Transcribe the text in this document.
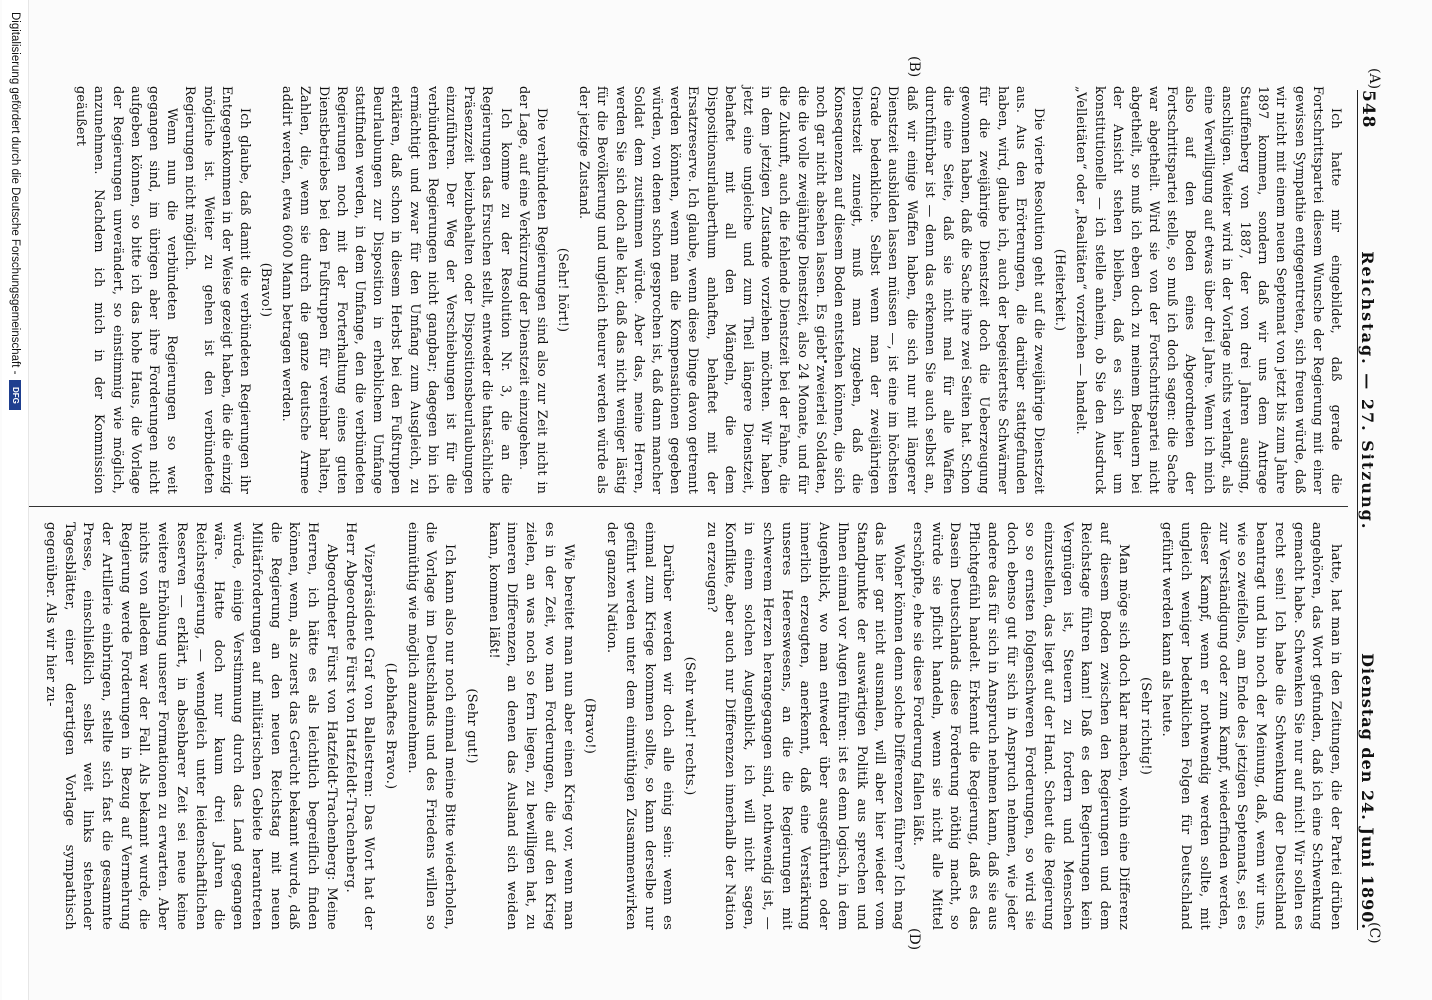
548
Reichstag. — 27. Sitzung.
Dienstag den 24. Juni 1890.
(A)
(C)
(B)
(D)

Ich hatte mir eingebildet, daß gerade die Fortschrittspartei diesem Wunsche der Regierung mit einer gewissen Sympathie entgegentreten, sich freuen würde, daß wir nicht mit einem neuen Septennat von jetzt bis zum Jahre 1897 kommen, sondern daß wir uns dem Antrage Stauffenberg von 1887, der von drei Jahren ausging, anschlügen. Weiter wird in der Vorlage nichts verlangt, als eine Verwilligung auf etwas über drei Jahre. Wenn ich mich also auf den Boden eines Abgeordneten der Fortschrittspartei stelle, so muß ich doch sagen: die Sache war abgetheilt. Wird sie von der Fortschrittspartei nicht abgetheilt, so muß ich eben doch zu meinem Bedauern bei der Ansicht stehen bleiben, daß es sich hier um konstitutionelle — ich stelle anheim, ob Sie den Ausdruck „Velleitäten“ oder „Realitäten“ vorziehen — handelt.

(Heiterkeit.)

Die vierte Resolution geht auf die zweijährige Dienstzeit aus. Aus den Erörterungen, die darüber stattgefunden haben, wird, glaube ich, auch der begeistertste Schwärmer für die zweijährige Dienstzeit doch die Ueberzeugung gewonnen haben, daß die Sache ihre zwei Seiten hat. Schon die eine Seite, daß sie nicht mal für alle Waffen durchführbar ist — denn das erkennen Sie auch selbst an, daß wir einige Waffen haben, die sich nur mit längerer Dienstzeit ausbilden lassen müssen —, ist eine im höchsten Grade bedenkliche. Selbst wenn man der zweijährigen Dienstzeit zuneigt, muß man zugeben, daß die Konsequenzen auf diesem Boden entstehen können, die sich noch gar nicht absehen lassen. Es giebt zweierlei Soldaten, die die volle zweijährige Dienstzeit, also 24 Monate, und für die Zukunft, auch die fehlende Dienstzeit bei der Fahne, die in dem jetzigen Zustande vorziehen möchten. Wir haben jetzt eine ungleiche und zum Theil längere Dienstzeit, behaftet mit all den Mängeln, die dem Dispositionsurlauberthum anhaften, behaftet mit der Ersatzreserve. Ich glaube, wenn diese Dinge davon getrennt werden könnten, wenn man die Kompensationen gegeben würden, von denen schon gesprochen ist, daß dann mancher Soldat dem zustimmen würde. Aber das, meine Herren, werden Sie sich doch alle klar, daß das nicht weniger lästig für die Bevölkerung und ungleich theurer werden würde als der jetzige Zustand.

(Sehr! hört!)

Die verbündeten Regierungen sind also zur Zeit nicht in der Lage, auf eine Verkürzung der Dienstzeit einzugehen.

Ich komme zu der Resolution Nr. 3, die an die Regierungen das Ersuchen stellt, entweder die thatsächliche Präsenzzeit beizubehalten oder Dispositionsbeurlaubungen einzuführen. Der Weg der Verschiebungen ist für die verbündeten Regierungen nicht gangbar; dagegen bin ich ermächtigt und zwar für den Umfang zum Ausgleich, zu erklären, daß schon in diesem Herbst bei den Fußtruppen Beurlaubungen zur Disposition in erheblichem Umfange stattfinden werden, in dem Umfange, den die verbündeten Regierungen noch mit der Forterhaltung eines guten Dienstbetriebes bei den Fußtruppen für vereinbar halten, Zahlen, die, wenn sie durch die ganze deutsche Armee addirt werden, etwa 6000 Mann betragen werden.

(Bravo!)

Ich glaube, daß damit die verbündeten Regierungen ihr Entgegenkommen in der Weise gezeigt haben, die die einzig mögliche ist. Weiter zu gehen ist den verbündeten Regierungen nicht möglich.

Wenn nun die verbündeten Regierungen so weit gegangen sind, im übrigen aber ihre Forderungen nicht aufgeben können, so bitte ich das hohe Haus, die Vorlage der Regierungen unverändert, so einstimmig wie möglich, anzunehmen. Nachdem ich mich in der Kommission geäußert

hatte, hat man in den Zeitungen, die der Partei drüben angehören, das Wort gefunden, daß ich eine Schwenkung gemacht habe. Schwenken Sie nur auf mich! Wir sollen es recht sein! Ich habe die Schwenkung der Deutschland beantragt und bin noch der Meinung, daß, wenn wir uns, wie so zweifellos, am Ende des jetzigen Septennats, sei es zur Verständigung oder zum Kampf, wiederfinden werden, dieser Kampf, wenn er nothwendig werden sollte, mit ungleich weniger bedenklichen Folgen für Deutschland geführt werden kann als heute.

(Sehr richtig!)

Man möge sich doch klar machen, wohin eine Differenz auf diesem Boden zwischen den Regierungen und dem Reichstage führen kann! Daß es den Regierungen kein Vergnügen ist, Steuern zu fordern und Menschen einzustellen, das liegt auf der Hand. Scheut die Regierung so so ernsten folgenschweren Forderungen, so wird sie doch ebenso gut für sich in Anspruch nehmen, wie jeder andere das für sich in Anspruch nehmen kann, daß sie aus Pflichtgefühl handelt. Erkennt die Regierung, daß es das Dasein Deutschlands diese Forderung nöthig macht, so würde sie pflicht handeln, wenn sie nicht alle Mittel erschöpfte, ehe sie diese Forderung fallen läßt.

Woher können denn solche Differenzen führen? Ich mag das hier gar nicht ausmalen, will aber hier wieder vom Standpunkte der auswärtigen Politik aus sprechen und Ihnen einmal vor Augen führen: ist es denn logisch, in dem Augenblick, wo man entweder über ausgeführten oder innerlich erzeugten, anerkennt, daß eine Verstärkung unseres Heereswesens, an die die Regierungen mit schwerem Herzen herangegangen sind, nothwendig ist, — in einem solchen Augenblick, ich will nicht sagen, Konflikte, aber auch nur Differenzen innerhalb der Nation zu erzeugen?

(Sehr wahr! rechts.)

Darüber werden wir doch alle einig sein: wenn es einmal zum Kriege kommen sollte, so kann derselbe nur geführt werden unter dem einmüthigen Zusammenwirken der ganzen Nation.

(Bravo!)

Wie bereitet man nun aber einen Krieg vor, wenn man es in der Zeit, wo man Forderungen, die auf den Krieg zielen, an was noch so fern liegen, zu bewilligen hat, zu inneren Differenzen, an denen das Ausland sich weiden kann, kommen läßt!

(Sehr gut!)

Ich kann also nur noch einmal meine Bitte wiederholen, die Vorlage im Deutschlands und des Friedens willen so einmüthig wie möglich anzunehmen.

(Lebhaftes Bravo.)

Vizepräsident Graf von Ballestrem: Das Wort hat der Herr Abgeordnete Fürst von Hatzfeldt-Trachenberg.

Abgeordneter Fürst von Hatzfeldt-Trachenberg: Meine Herren, ich hätte es als leichtlich begreiflich finden können, wenn, als zuerst das Gerücht bekannt wurde, daß die Regierung an den neuen Reichstag mit neuen Militärforderungen auf militärischen Gebiete herantreten würde, einige Verstimmung durch das Land gegangen wäre. Hatte doch nur kaum drei Jahren die Reichsregierung, — wenngleich unter leidenschaftlichen Reserven — erklärt, in absehbarer Zeit sei neue keine weitere Erhöhung unserer Formationen zu erwarten. Aber nichts von alledem war der Fall. Als bekannt wurde, die Regierung werde Forderungen in Bezug auf Vermehrung der Artillerie einbringen, stellte sich fast die gesammte Presse, einschließlich selbst weit links stehender Tagesblätter, einer derartigen Vorlage sympathisch gegenüber. Als wir hier zu-

Digitalisierung gefördert durch die Deutsche Forschungsgemeinschaft -
DFG
